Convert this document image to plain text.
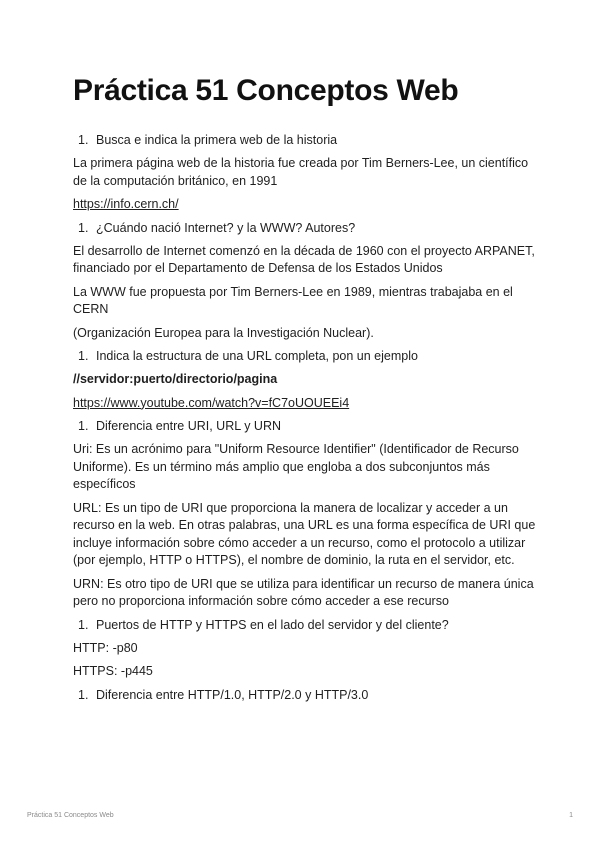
Práctica 51 Conceptos Web
1. Busca e indica la primera web de la historia

La primera página web de la historia fue creada por Tim Berners-Lee, un científico de la computación británico, en 1991

https://info.cern.ch/

1. ¿Cuándo nació Internet? y la WWW? Autores?

El desarrollo de Internet comenzó en la década de 1960 con el proyecto ARPANET, financiado por el Departamento de Defensa de los Estados Unidos

La WWW fue propuesta por Tim Berners-Lee en 1989, mientras trabajaba en el CERN

(Organización Europea para la Investigación Nuclear).

1. Indica la estructura de una URL completa, pon un ejemplo

//servidor:puerto/directorio/pagina

https://www.youtube.com/watch?v=fC7oUOUEEi4

1. Diferencia entre URI, URL y URN

Uri: Es un acrónimo para "Uniform Resource Identifier" (Identificador de Recurso Uniforme). Es un término más amplio que engloba a dos subconjuntos más específicos

URL: Es un tipo de URI que proporciona la manera de localizar y acceder a un recurso en la web. En otras palabras, una URL es una forma específica de URI que incluye información sobre cómo acceder a un recurso, como el protocolo a utilizar (por ejemplo, HTTP o HTTPS), el nombre de dominio, la ruta en el servidor, etc.

URN: Es otro tipo de URI que se utiliza para identificar un recurso de manera única pero no proporciona información sobre cómo acceder a ese recurso

1. Puertos de HTTP y HTTPS en el lado del servidor y del cliente?

HTTP: -p80

HTTPS: -p445

1. Diferencia entre HTTP/1.0, HTTP/2.0 y HTTP/3.0
Práctica 51 Conceptos Web	1
